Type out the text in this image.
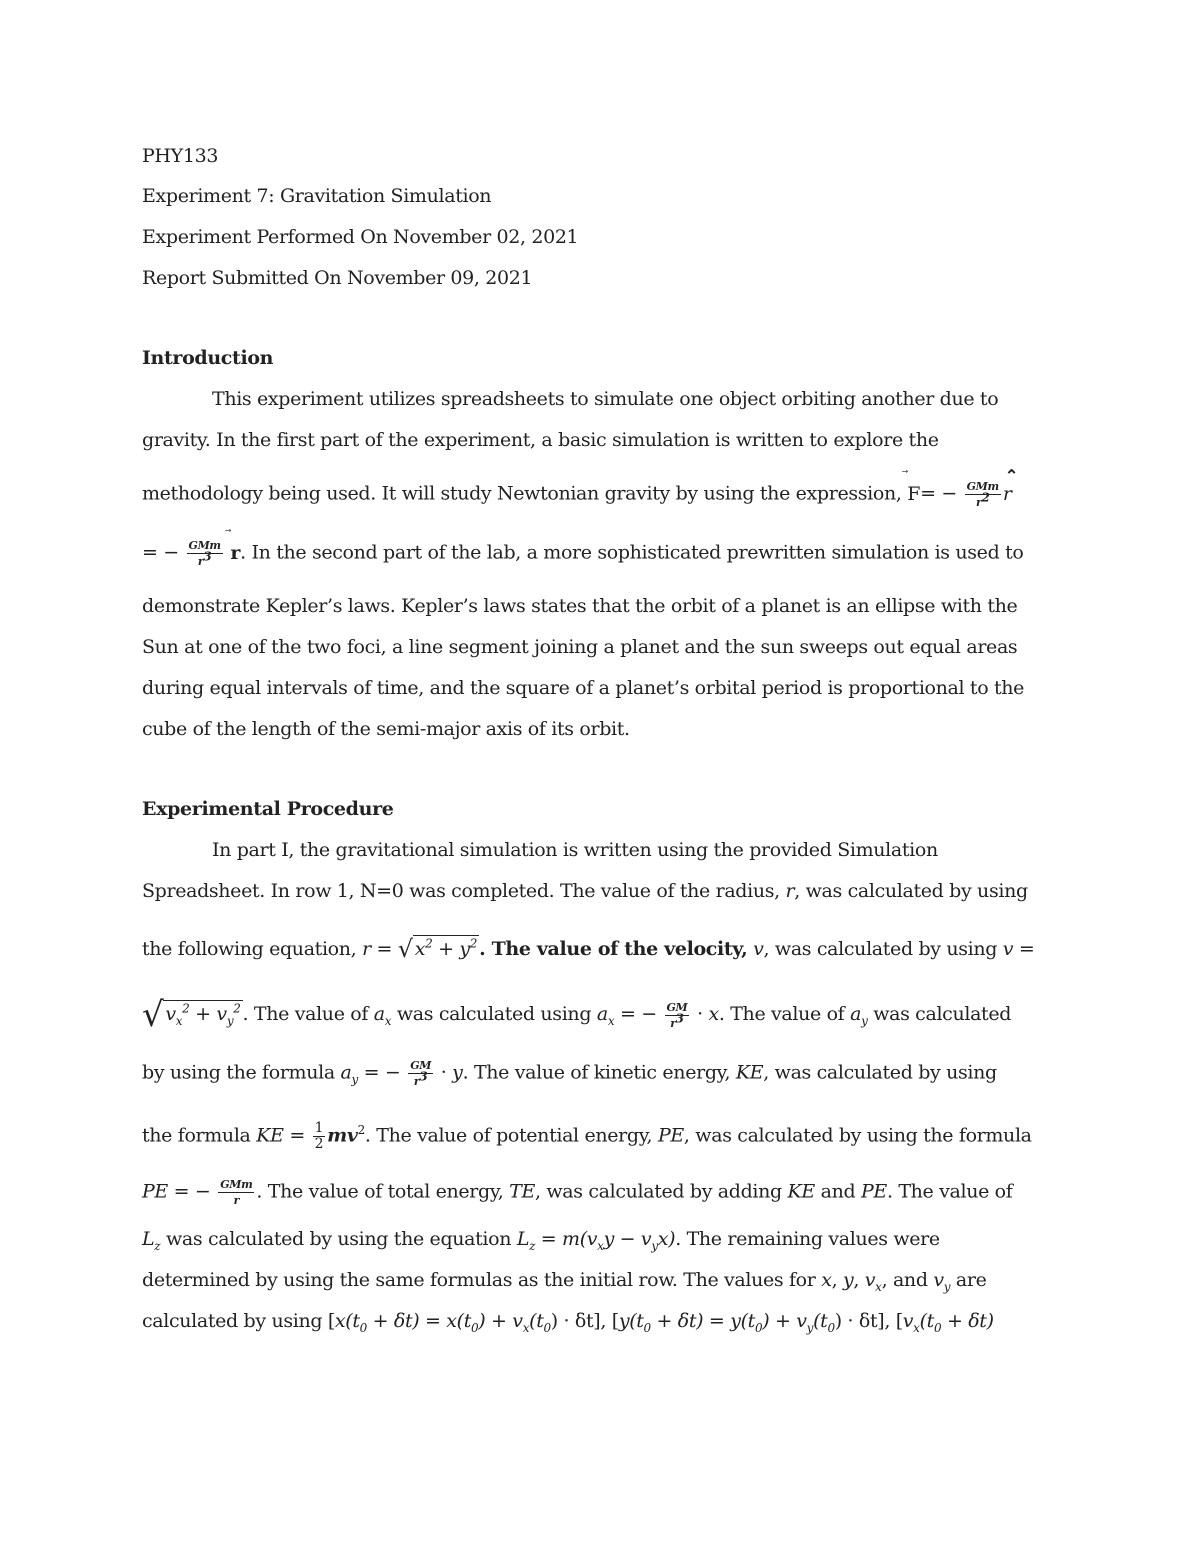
PHY133
Experiment 7: Gravitation Simulation
Experiment Performed On November 02, 2021
Report Submitted On November 09, 2021
Introduction
This experiment utilizes spreadsheets to simulate one object orbiting another due to
gravity. In the first part of the experiment, a basic simulation is written to explore the
methodology being used. It will study Newtonian gravity by using the expression, $F= - \frac{\text{GMm}}{r^2}$
⌃
r
= − $\frac{\text{GMm}}{r^3}$
r. In the second part of the lab, a more sophisticated prewritten simulation is used to
demonstrate Kepler’s laws. Kepler’s laws states that the orbit of a planet is an ellipse with the
Sun at one of the two foci, a line segment joining a planet and the sun sweeps out equal areas
during equal intervals of time, and the square of a planet’s orbital period is proportional to the
cube of the length of the semi-major axis of its orbit.
Experimental Procedure
In part I, the gravitational simulation is written using the provided Simulation
Spreadsheet. In row 1, N=0 was completed. The value of the radius, r, was calculated by using
the following equation, r = √ $x^2 + y^2$ . The value of the velocity, v, was calculated by using v =
√ $v_x^2 + v_y^2$ . The value of $a_x$ was calculated using $a_x$ = − $\frac{GM}{r^3} \cdot x$. The value of $a_y$ was calculated
by using the formula $a_y$ = − $\frac{GM}{r^3} \cdot y$. The value of kinetic energy, KE, was calculated by using
the formula KE = $\frac{1}{2} mv^2$. The value of potential energy, PE, was calculated by using the formula
PE = − $\frac{\text{GMm}}{r}$ . The value of total energy, TE, was calculated by adding KE and PE. The value of
$L_z$ was calculated by using the equation $L_z = m(v_xy - v_yx)$. The remaining values were
determined by using the same formulas as the initial row. The values for x, y, $v_x$, and $v_y$ are
calculated by using $[x(t_0 + \delta t) = x(t_0) + v_x(t_0) \cdot \delta t]$, $[y(t_0 + \delta t) = y(t_0) + v_y(t_0) \cdot \delta t]$, [$v_x(t_0 + \delta t)$
